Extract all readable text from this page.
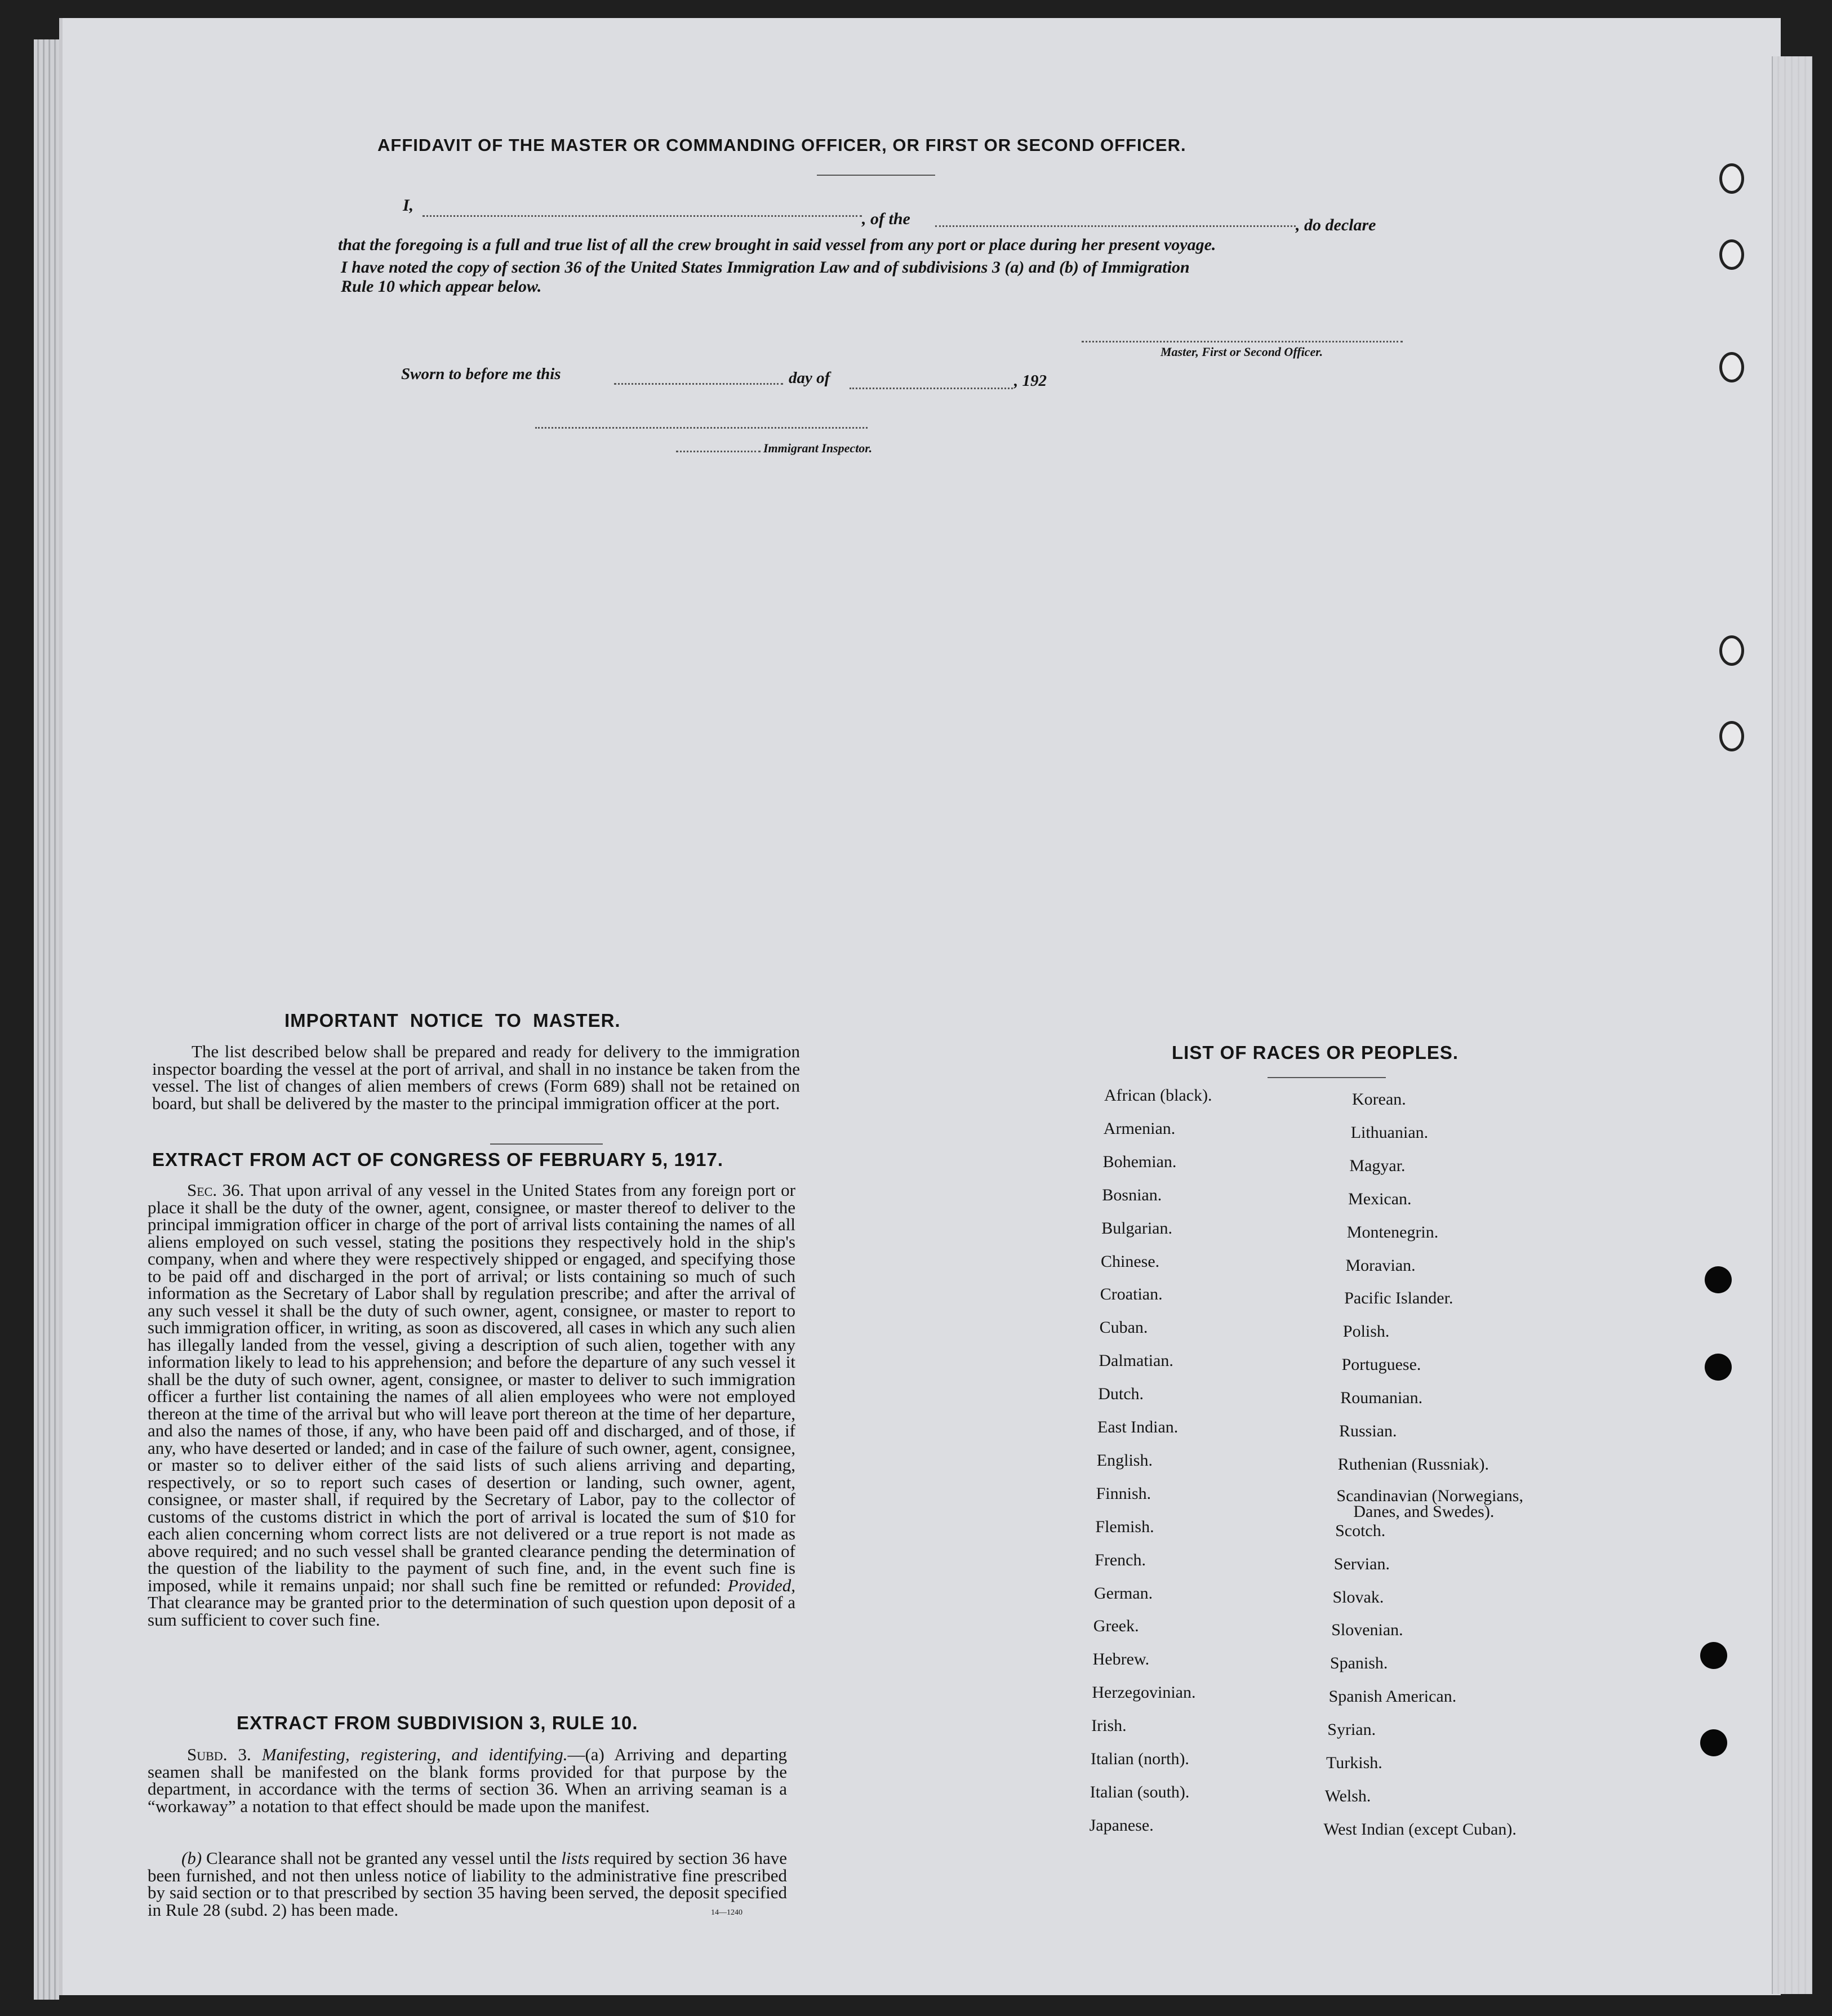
AFFIDAVIT OF THE MASTER OR COMMANDING OFFICER, OR FIRST OR SECOND OFFICER.
I,
, of the	, do declare
that the foregoing is a full and true list of all the crew brought in said vessel from any port or place during her present voyage.
I have noted the copy of section 36 of the United States Immigration Law and of subdivisions 3 (a) and (b) of Immigration
Rule 10 which appear below.
Master, First or Second Officer.
Sworn to before me this	day of	, 192
Immigrant Inspector.
IMPORTANT NOTICE TO MASTER.
The list described below shall be prepared and ready for delivery to the immigration inspector boarding the vessel at the port of arrival, and shall in no instance be taken from the vessel. The list of changes of alien members of crews (Form 689) shall not be retained on board, but shall be delivered by the master to the principal immigration officer at the port.
EXTRACT FROM ACT OF CONGRESS OF FEBRUARY 5, 1917.
Sec. 36. That upon arrival of any vessel in the United States from any foreign port or place it shall be the duty of the owner, agent, consignee, or master thereof to deliver to the principal immigration officer in charge of the port of arrival lists containing the names of all aliens employed on such vessel, stating the positions they respectively hold in the ship's company, when and where they were respectively shipped or engaged, and specifying those to be paid off and discharged in the port of arrival; or lists containing so much of such information as the Secretary of Labor shall by regulation prescribe; and after the arrival of any such vessel it shall be the duty of such owner, agent, consignee, or master to report to such immigration officer, in writing, as soon as discovered, all cases in which any such alien has illegally landed from the vessel, giving a description of such alien, together with any information likely to lead to his apprehension; and before the departure of any such vessel it shall be the duty of such owner, agent, consignee, or master to deliver to such immigration officer a further list containing the names of all alien employees who were not employed thereon at the time of the arrival but who will leave port thereon at the time of her departure, and also the names of those, if any, who have been paid off and discharged, and of those, if any, who have deserted or landed; and in case of the failure of such owner, agent, consignee, or master so to deliver either of the said lists of such aliens arriving and departing, respectively, or so to report such cases of desertion or landing, such owner, agent, consignee, or master shall, if required by the Secretary of Labor, pay to the collector of customs of the customs district in which the port of arrival is located the sum of $10 for each alien concerning whom correct lists are not delivered or a true report is not made as above required; and no such vessel shall be granted clearance pending the determination of the question of the liability to the payment of such fine, and, in the event such fine is imposed, while it remains unpaid; nor shall such fine be remitted or refunded: Provided, That clearance may be granted prior to the determination of such question upon deposit of a sum sufficient to cover such fine.
EXTRACT FROM SUBDIVISION 3, RULE 10.
Subd. 3. Manifesting, registering, and identifying.—(a) Arriving and departing seamen shall be manifested on the blank forms provided for that purpose by the department, in accordance with the terms of section 36. When an arriving seaman is a “workaway” a notation to that effect should be made upon the manifest.
(b) Clearance shall not be granted any vessel until the lists required by section 36 have been furnished, and not then unless notice of liability to the administrative fine prescribed by said section or to that prescribed by section 35 having been served, the deposit specified in Rule 28 (subd. 2) has been made.	14—1240
LIST OF RACES OR PEOPLES.
African (black).
Armenian.
Bohemian.
Bosnian.
Bulgarian.
Chinese.
Croatian.
Cuban.
Dalmatian.
Dutch.
East Indian.
English.
Finnish.
Flemish.
French.
German.
Greek.
Hebrew.
Herzegovinian.
Irish.
Italian (north).
Italian (south).
Japanese.
Korean.
Lithuanian.
Magyar.
Mexican.
Montenegrin.
Moravian.
Pacific Islander.
Polish.
Portuguese.
Roumanian.
Russian.
Ruthenian (Russniak).
Scandinavian (Norwegians,
Danes, and Swedes).
Scotch.
Servian.
Slovak.
Slovenian.
Spanish.
Spanish American.
Syrian.
Turkish.
Welsh.
West Indian (except Cuban).
